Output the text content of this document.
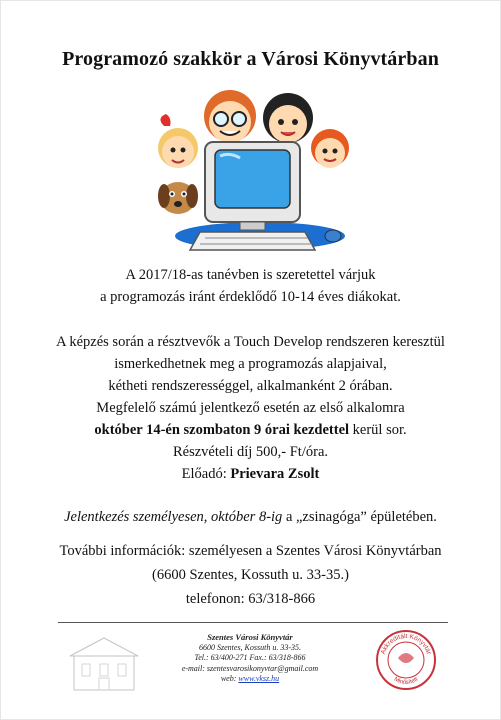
Programozó szakkör a Városi Könyvtárban
A 2017/18-as tanévben is szeretettel várjuk
a programozás iránt érdeklődő 10-14 éves diákokat.
A képzés során a résztvevők a Touch Develop rendszeren keresztül
ismerkedhetnek meg a programozás alapjaival,
kétheti rendszerességgel, alkalmanként 2 órában.
Megfelelő számú jelentkező esetén az első alkalomra
október 14-én szombaton 9 órai kezdettel kerül sor.
Részvételi díj 500,- Ft/óra.
Előadó: Prievara Zsolt
Jelentkezés személyesen, október 8-ig a „zsinagóga” épületében.
További információk: személyesen a Szentes Városi Könyvtárban
(6600 Szentes, Kossuth u. 33-35.)
telefonon: 63/318-866
Szentes Városi Könyvtár
6600 Szentes, Kossuth u. 33-35.
Tel.: 63/400-271 Fax.: 63/318-866
e-mail: szentesvarosikonyvtar@gmail.com
web: www.vksz.hu
Akkreditált Könyvtár
Minősített
